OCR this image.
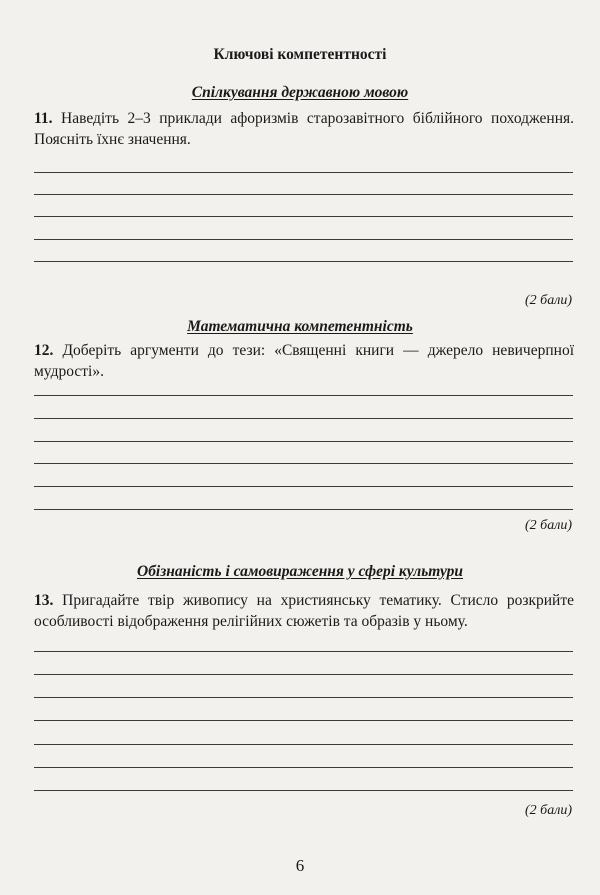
Ключові компетентності
Спілкування державною мовою
11. Наведіть 2–3 приклади афоризмів старозавітного біблійного походження. Поясніть їхнє значення.
(2 бали)
Математична компетентність
12. Доберіть аргументи до тези: «Священні книги — джерело невичерпної мудрості».
(2 бали)
Обізнаність і самовираження у сфері культури
13. Пригадайте твір живопису на християнську тематику. Стисло розкрийте особливості відображення релігійних сюжетів та образів у ньому.
(2 бали)
6
